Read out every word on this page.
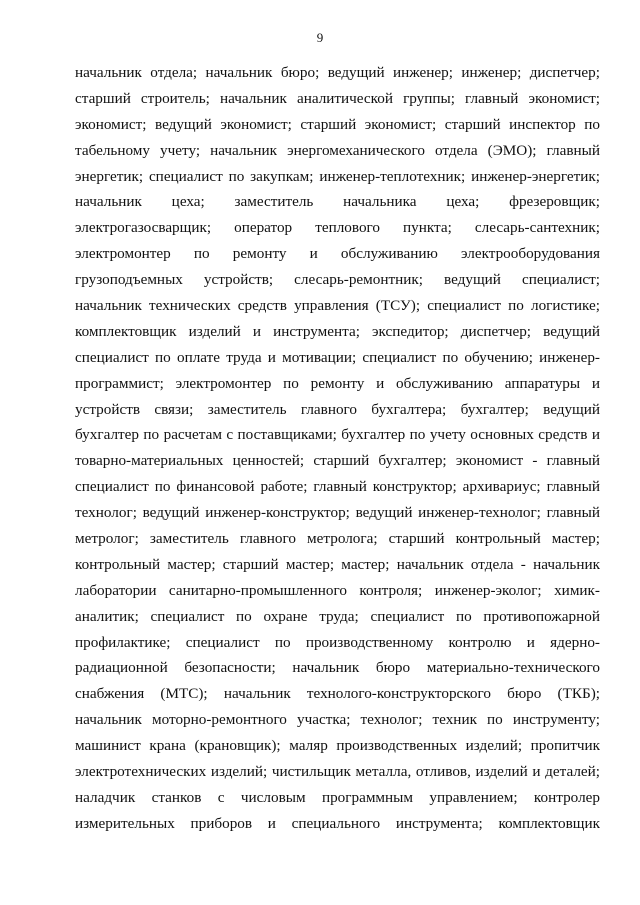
9
начальник отдела; начальник бюро; ведущий инженер; инженер; диспетчер;
старший строитель; начальник аналитической группы; главный экономист;
экономист; ведущий экономист; старший экономист; старший инспектор по
табельному учету; начальник энергомеханического отдела (ЭМО); главный
энергетик; специалист по закупкам; инженер-теплотехник; инженер-энергетик;
начальник цеха; заместитель начальника цеха; фрезеровщик;
электрогазосварщик; оператор теплового пункта; слесарь-сантехник;
электромонтер по ремонту и обслуживанию электрооборудования
грузоподъемных устройств; слесарь-ремонтник; ведущий специалист;
начальник технических средств управления (ТСУ); специалист по логистике;
комплектовщик изделий и инструмента; экспедитор; диспетчер; ведущий
специалист по оплате труда и мотивации; специалист по обучению; инженер-
программист; электромонтер по ремонту и обслуживанию аппаратуры и
устройств связи; заместитель главного бухгалтера; бухгалтер; ведущий
бухгалтер по расчетам с поставщиками; бухгалтер по учету основных средств и
товарно-материальных ценностей; старший бухгалтер; экономист - главный
специалист по финансовой работе; главный конструктор; архивариус; главный
технолог; ведущий инженер-конструктор; ведущий инженер-технолог; главный
метролог; заместитель главного метролога; старший контрольный мастер;
контрольный мастер; старший мастер; мастер; начальник отдела - начальник
лаборатории санитарно-промышленного контроля; инженер-эколог; химик-
аналитик; специалист по охране труда; специалист по противопожарной
профилактике; специалист по производственному контролю и ядерно-
радиационной безопасности; начальник бюро материально-технического
снабжения (МТС); начальник технолого-конструкторского бюро (ТКБ);
начальник моторно-ремонтного участка; технолог; техник по инструменту;
машинист крана (крановщик); маляр производственных изделий; пропитчик
электротехнических изделий; чистильщик металла, отливов, изделий и деталей;
наладчик станков с числовым программным управлением; контролер
измерительных приборов и специального инструмента; комплектовщик
